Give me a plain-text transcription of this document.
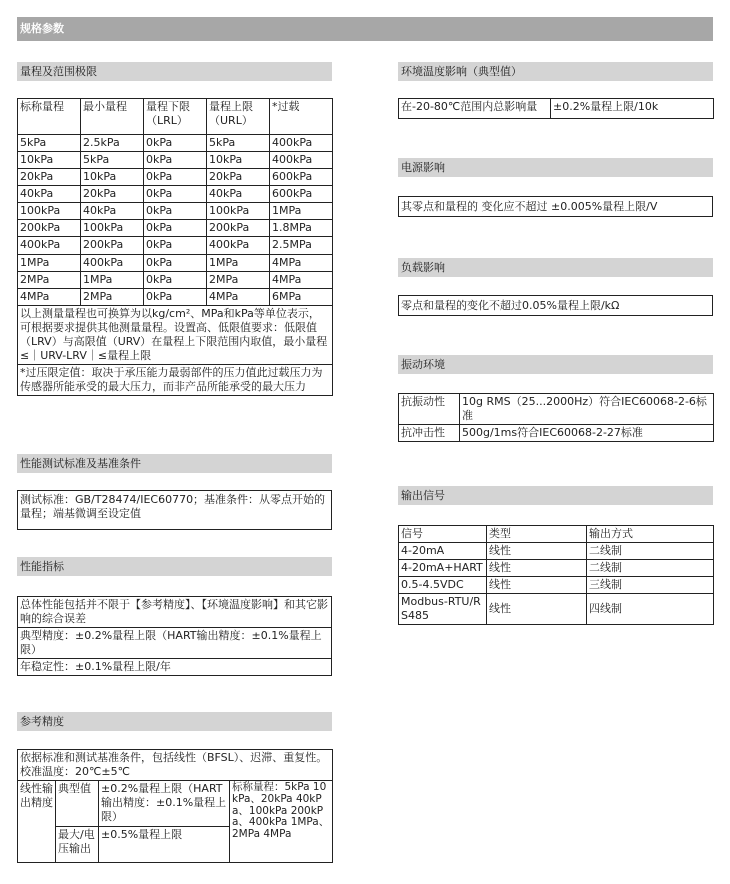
规格参数
量程及范围极限
标称量程	最小量程	量程下限（LRL）	量程上限（URL）	*过载
5kPa	2.5kPa	0kPa	5kPa	400kPa
10kPa	5kPa	0kPa	10kPa	400kPa
20kPa	10kPa	0kPa	20kPa	600kPa
40kPa	20kPa	0kPa	40kPa	600kPa
100kPa	40kPa	0kPa	100kPa	1MPa
200kPa	100kPa	0kPa	200kPa	1.8MPa
400kPa	200kPa	0kPa	400kPa	2.5MPa
1MPa	400kPa	0kPa	1MPa	4MPa
2MPa	1MPa	0kPa	2MPa	4MPa
4MPa	2MPa	0kPa	4MPa	6MPa
以上测量量程也可换算为以kg/cm²、MPa和kPa等单位表示，可根据要求提供其他测量量程。设置高、低限值要求：低限值（LRV）与高限值（URV）在量程上下限范围内取值，最小量程≤｜URV-LRV｜≤量程上限				
*过压限定值：取决于承压能力最弱部件的压力值此过载压力为传感器所能承受的最大压力，而非产品所能承受的最大压力				
性能测试标准及基准条件
测试标准：GB/T28474/IEC60770；基准条件：从零点开始的量程；端基微调至设定值
性能指标
总体性能包括并不限于【参考精度】、【环境温度影响】和其它影响的综合误差
典型精度：±0.2%量程上限（HART输出精度：±0.1%量程上限）
年稳定性：±0.1%量程上限/年
参考精度
依据标准和测试基准条件，包括线性（BFSL）、迟滞、重复性。校准温度：20℃±5℃			
线性输出精度	典型值	±0.2%量程上限（HART输出精度：±0.1%量程上限）	标称量程：5kPa 10kPa、20kPa 40kPa、100kPa 200kPa、400kPa 1MPa、2MPa 4MPa
	最大/电压输出	±0.5%量程上限	
环境温度影响（典型值）
在-20-80℃范围内总影响量	±0.2%量程上限/10k
电源影响
其零点和量程的 变化应不超过 ±0.005%量程上限/V
负载影响
零点和量程的变化不超过0.05%量程上限/kΩ
振动环境
抗振动性	10g RMS（25...2000Hz）符合IEC60068-2-6标准
抗冲击性	500g/1ms符合IEC60068-2-27标准
输出信号
信号	类型	输出方式
4-20mA	线性	二线制
4-20mA+HART	线性	二线制
0.5-4.5VDC	线性	三线制
Modbus-RTU/RS485	线性	四线制
